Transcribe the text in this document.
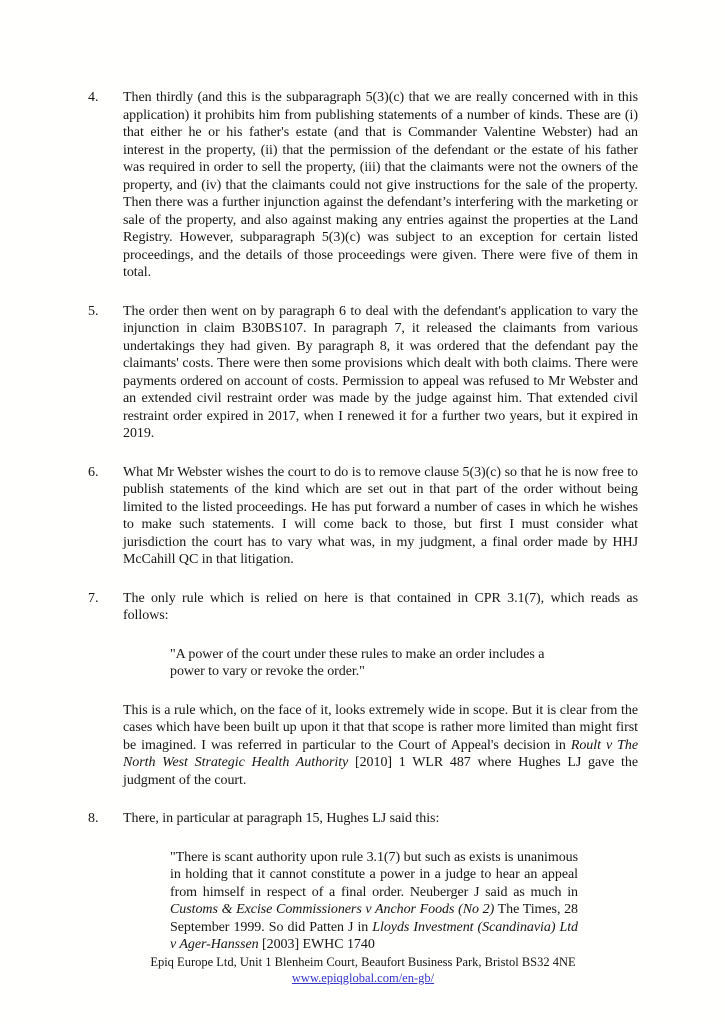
4.	Then thirdly (and this is the subparagraph 5(3)(c) that we are really concerned with in this application) it prohibits him from publishing statements of a number of kinds. These are (i) that either he or his father's estate (and that is Commander Valentine Webster) had an interest in the property, (ii) that the permission of the defendant or the estate of his father was required in order to sell the property, (iii) that the claimants were not the owners of the property, and (iv) that the claimants could not give instructions for the sale of the property. Then there was a further injunction against the defendant’s interfering with the marketing or sale of the property, and also against making any entries against the properties at the Land Registry. However, subparagraph 5(3)(c) was subject to an exception for certain listed proceedings, and the details of those proceedings were given. There were five of them in total.

5.	The order then went on by paragraph 6 to deal with the defendant's application to vary the injunction in claim B30BS107. In paragraph 7, it released the claimants from various undertakings they had given. By paragraph 8, it was ordered that the defendant pay the claimants' costs. There were then some provisions which dealt with both claims. There were payments ordered on account of costs. Permission to appeal was refused to Mr Webster and an extended civil restraint order was made by the judge against him. That extended civil restraint order expired in 2017, when I renewed it for a further two years, but it expired in 2019.

6.	What Mr Webster wishes the court to do is to remove clause 5(3)(c) so that he is now free to publish statements of the kind which are set out in that part of the order without being limited to the listed proceedings. He has put forward a number of cases in which he wishes to make such statements. I will come back to those, but first I must consider what jurisdiction the court has to vary what was, in my judgment, a final order made by HHJ McCahill QC in that litigation.

7.	The only rule which is relied on here is that contained in CPR 3.1(7), which reads as follows:

"A power of the court under these rules to make an order includes a power to vary or revoke the order."

This is a rule which, on the face of it, looks extremely wide in scope. But it is clear from the cases which have been built up upon it that that scope is rather more limited than might first be imagined. I was referred in particular to the Court of Appeal's decision in Roult v The North West Strategic Health Authority [2010] 1 WLR 487 where Hughes LJ gave the judgment of the court.

8.	There, in particular at paragraph 15, Hughes LJ said this:

"There is scant authority upon rule 3.1(7) but such as exists is unanimous in holding that it cannot constitute a power in a judge to hear an appeal from himself in respect of a final order. Neuberger J said as much in Customs & Excise Commissioners v Anchor Foods (No 2) The Times, 28 September 1999. So did Patten J in Lloyds Investment (Scandinavia) Ltd v Ager-Hanssen [2003] EWHC 1740

Epiq Europe Ltd, Unit 1 Blenheim Court, Beaufort Business Park, Bristol BS32 4NE
www.epiqglobal.com/en-gb/
